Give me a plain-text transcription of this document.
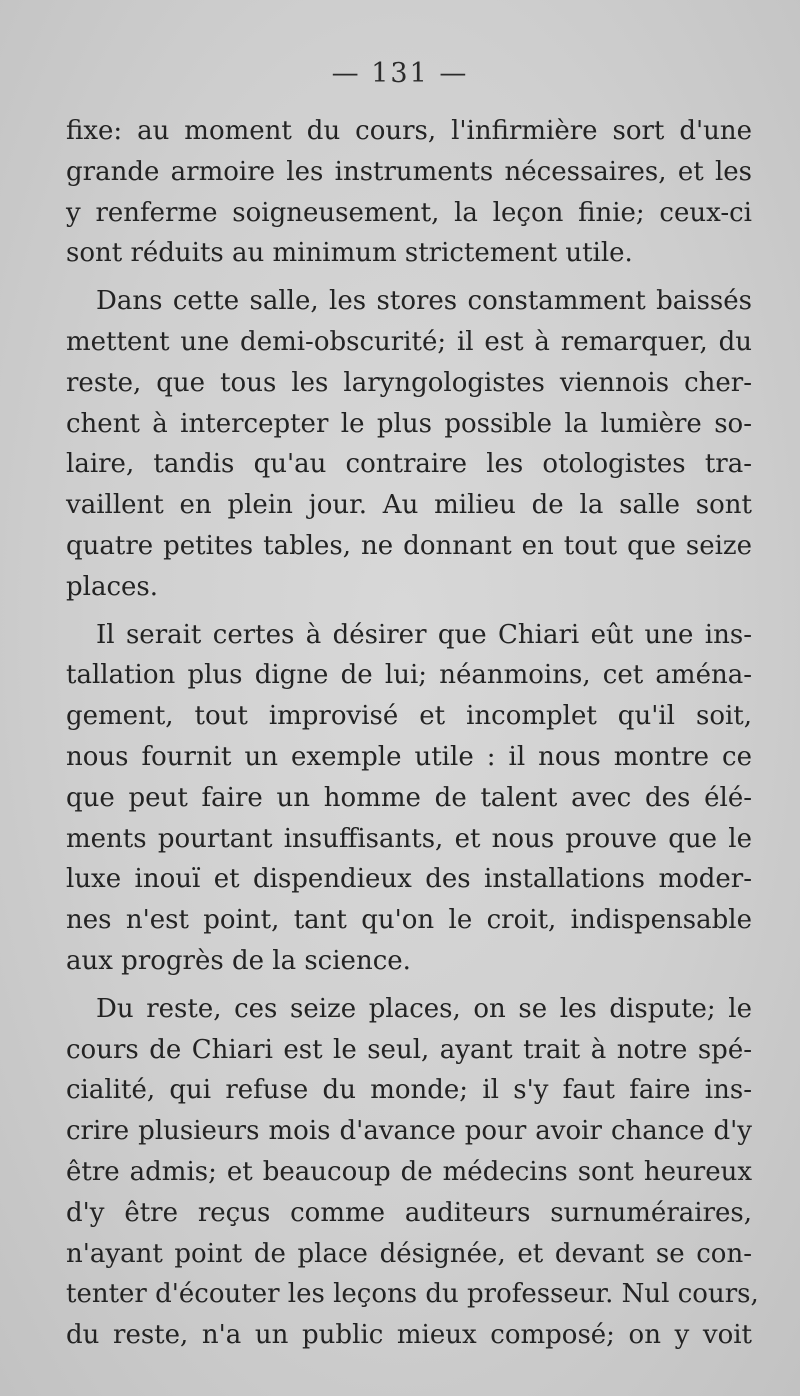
— 131 —
fixe: au moment du cours, l'infirmière sort d'une
grande armoire les instruments nécessaires, et les
y renferme soigneusement, la leçon finie; ceux-ci
sont réduits au minimum strictement utile.
Dans cette salle, les stores constamment baissés
mettent une demi-obscurité; il est à remarquer, du
reste, que tous les laryngologistes viennois cher-
chent à intercepter le plus possible la lumière so-
laire, tandis qu'au contraire les otologistes tra-
vaillent en plein jour. Au milieu de la salle sont
quatre petites tables, ne donnant en tout que seize
places.
Il serait certes à désirer que Chiari eût une ins-
tallation plus digne de lui; néanmoins, cet aména-
gement, tout improvisé et incomplet qu'il soit,
nous fournit un exemple utile : il nous montre ce
que peut faire un homme de talent avec des élé-
ments pourtant insuffisants, et nous prouve que le
luxe inouï et dispendieux des installations moder-
nes n'est point, tant qu'on le croit, indispensable
aux progrès de la science.
Du reste, ces seize places, on se les dispute; le
cours de Chiari est le seul, ayant trait à notre spé-
cialité, qui refuse du monde; il s'y faut faire ins-
crire plusieurs mois d'avance pour avoir chance d'y
être admis; et beaucoup de médecins sont heureux
d'y être reçus comme auditeurs surnuméraires,
n'ayant point de place désignée, et devant se con-
tenter d'écouter les leçons du professeur. Nul cours,
du reste, n'a un public mieux composé; on y voit
